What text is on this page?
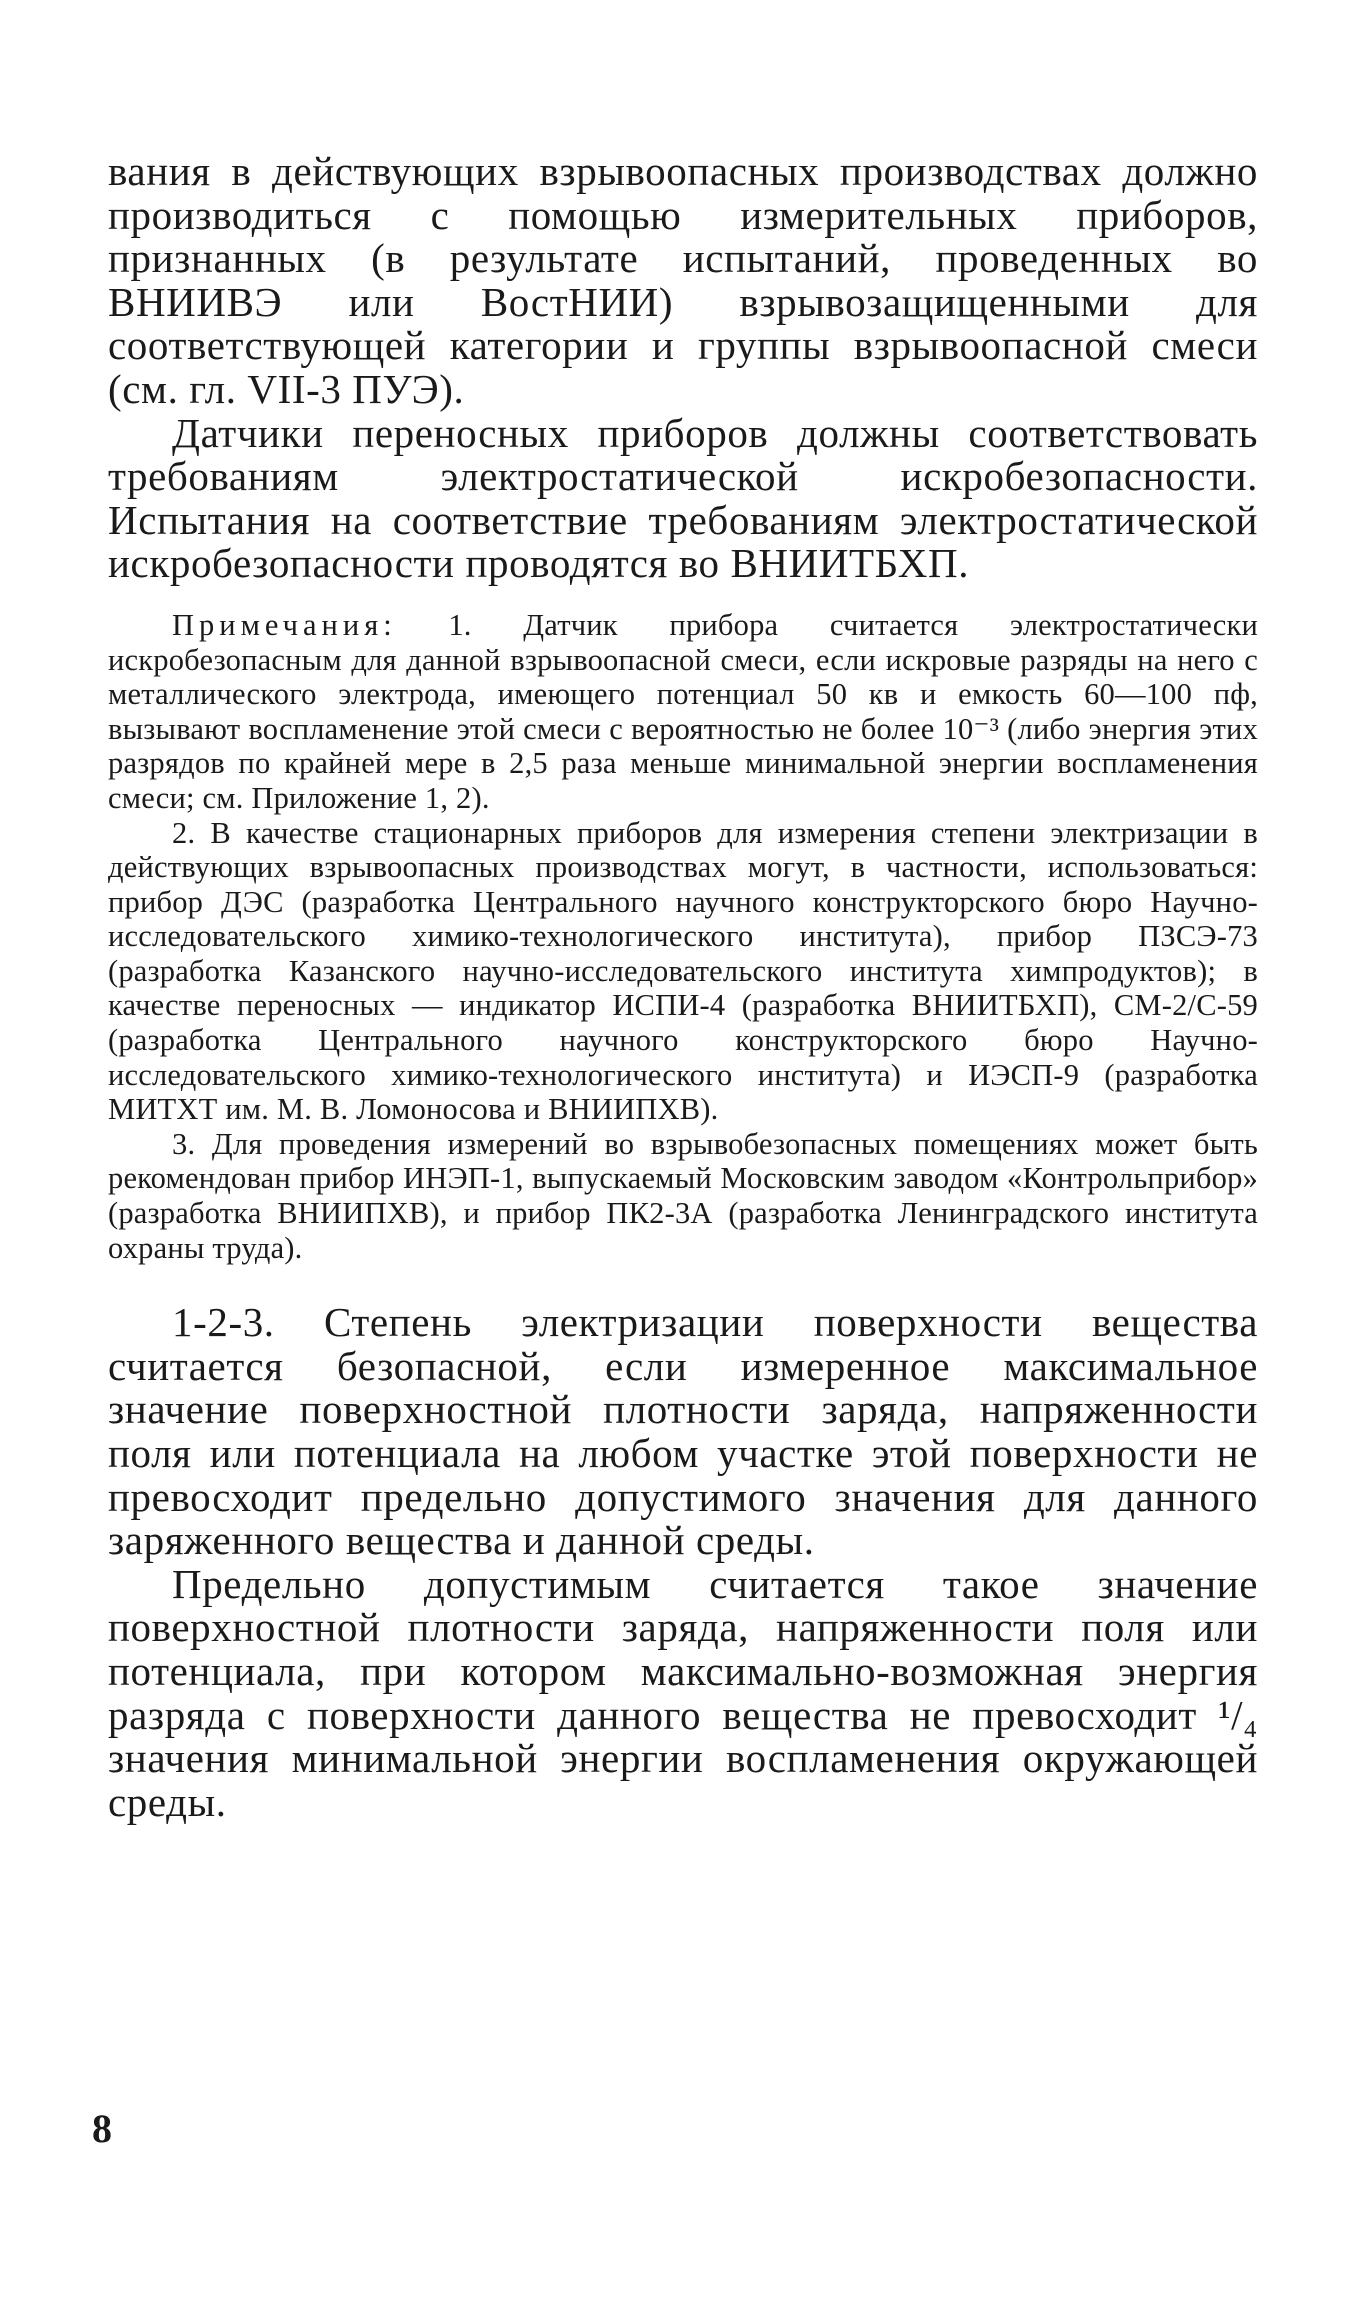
вания в действующих взрывоопасных производствах должно производиться с помощью измерительных приборов, признанных (в результате испытаний, проведенных во ВНИИВЭ или ВостНИИ) взрывозащищенными для соответствующей категории и группы взрывоопасной смеси (см. гл. VII-3 ПУЭ).

Датчики переносных приборов должны соответствовать требованиям электростатической искробезопасности. Испытания на соответствие требованиям электростатической искробезопасности проводятся во ВНИИТБХП.

Примечания: 1. Датчик прибора считается электростатически искробезопасным для данной взрывоопасной смеси, если искровые разряды на него с металлического электрода, имеющего потенциал 50 кв и емкость 60—100 пф, вызывают воспламенение этой смеси с вероятностью не более 10⁻³ (либо энергия этих разрядов по крайней мере в 2,5 раза меньше минимальной энергии воспламенения смеси; см. Приложение 1, 2).

2. В качестве стационарных приборов для измерения степени электризации в действующих взрывоопасных производствах могут, в частности, использоваться: прибор ДЭС (разработка Центрального научного конструкторского бюро Научно-исследовательского химико-технологического института), прибор ПЗСЭ-73 (разработка Казанского научно-исследовательского института химпродуктов); в качестве переносных — индикатор ИСПИ-4 (разработка ВНИИТБХП), СМ-2/С-59 (разработка Центрального научного конструкторского бюро Научно-исследовательского химико-технологического института) и ИЭСП-9 (разработка МИТХТ им. М. В. Ломоносова и ВНИИПХВ).

3. Для проведения измерений во взрывобезопасных помещениях может быть рекомендован прибор ИНЭП-1, выпускаемый Московским заводом «Контрольприбор» (разработка ВНИИПХВ), и прибор ПК2-3А (разработка Ленинградского института охраны труда).

1-2-3. Степень электризации поверхности вещества считается безопасной, если измеренное максимальное значение поверхностной плотности заряда, напряженности поля или потенциала на любом участке этой поверхности не превосходит предельно допустимого значения для данного заряженного вещества и данной среды.

Предельно допустимым считается такое значение поверхностной плотности заряда, напряженности поля или потенциала, при котором максимально-возможная энергия разряда с поверхности данного вещества не превосходит ¹/₄ значения минимальной энергии воспламенения окружающей среды.

8
